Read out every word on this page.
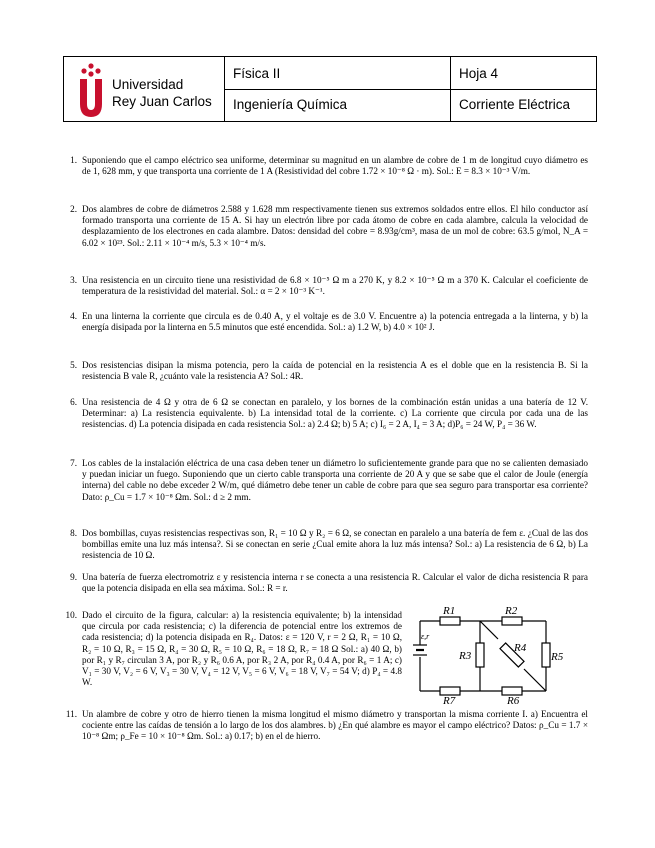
Universidad
Rey Juan Carlos
Física II
Ingeniería Química
Hoja 4
Corriente Eléctrica
1. Suponiendo que el campo eléctrico sea uniforme, determinar su magnitud en un alambre de cobre de 1 m de longitud cuyo diámetro es de 1, 628 mm, y que transporta una corriente de 1 A (Resistividad del cobre 1.72 × 10⁻⁸ Ω · m). Sol.: E = 8.3 × 10⁻³ V/m.
2. Dos alambres de cobre de diámetros 2.588 y 1.628 mm respectivamente tienen sus extremos soldados entre ellos. El hilo conductor así formado transporta una corriente de 15 A. Si hay un electrón libre por cada átomo de cobre en cada alambre, calcula la velocidad de desplazamiento de los electrones en cada alambre. Datos: densidad del cobre = 8.93g/cm³, masa de un mol de cobre: 63.5 g/mol, N_A = 6.02 × 10²³. Sol.: 2.11 × 10⁻⁴ m/s, 5.3 × 10⁻⁴ m/s.
3. Una resistencia en un circuito tiene una resistividad de 6.8 × 10⁻⁵ Ω m a 270 K, y 8.2 × 10⁻⁵ Ω m a 370 K. Calcular el coeficiente de temperatura de la resistividad del material. Sol.: α = 2 × 10⁻³ K⁻¹.
4. En una linterna la corriente que circula es de 0.40 A, y el voltaje es de 3.0 V. Encuentre a) la potencia entregada a la linterna, y b) la energía disipada por la linterna en 5.5 minutos que esté encendida. Sol.: a) 1.2 W, b) 4.0 × 10² J.
5. Dos resistencias disipan la misma potencia, pero la caída de potencial en la resistencia A es el doble que en la resistencia B. Si la resistencia B vale R, ¿cuánto vale la resistencia A? Sol.: 4R.
6. Una resistencia de 4 Ω y otra de 6 Ω se conectan en paralelo, y los bornes de la combinación están unidas a una batería de 12 V. Determinar: a) La resistencia equivalente. b) La intensidad total de la corriente. c) La corriente que circula por cada una de las resistencias. d) La potencia disipada en cada resistencia Sol.: a) 2.4 Ω; b) 5 A; c) I₆ = 2 A, I₄ = 3 A; d)P₆ = 24 W, P₄ = 36 W.
7. Los cables de la instalación eléctrica de una casa deben tener un diámetro lo suficientemente grande para que no se calienten demasiado y puedan iniciar un fuego. Suponiendo que un cierto cable transporta una corriente de 20 A y que se sabe que el calor de Joule (energía interna) del cable no debe exceder 2 W/m, qué diámetro debe tener un cable de cobre para que sea seguro para transportar esa corriente? Dato: ρ_Cu = 1.7 × 10⁻⁸ Ωm. Sol.: d ≥ 2 mm.
8. Dos bombillas, cuyas resistencias respectivas son, R₁ = 10 Ω y R₂ = 6 Ω, se conectan en paralelo a una batería de fem ε. ¿Cual de las dos bombillas emite una luz más intensa?. Si se conectan en serie ¿Cual emite ahora la luz más intensa? Sol.: a) La resistencia de 6 Ω, b) La resistencia de 10 Ω.
9. Una batería de fuerza electromotriz ε y resistencia interna r se conecta a una resistencia R. Calcular el valor de dicha resistencia R para que la potencia disipada en ella sea máxima. Sol.: R = r.
10. Dado el circuito de la figura, calcular: a) la resistencia equivalente; b) la intensidad que circula por cada resistencia; c) la diferencia de potencial entre los extremos de cada resistencia; d) la potencia disipada en R₄. Datos: ε = 120 V, r = 2 Ω, R₁ = 10 Ω, R₂ = 10 Ω, R₃ = 15 Ω, R₄ = 30 Ω, R₅ = 10 Ω, R₆ = 18 Ω, R₇ = 18 Ω Sol.: a) 40 Ω, b) por R₁ y R₇ circulan 3 A, por R₂ y R₆ 0.6 A, por R₃ 2 A, por R₄ 0.4 A, por R₆ = 1 A; c) V₁ = 30 V, V₂ = 6 V, V₃ = 30 V, V₄ = 12 V, V₅ = 6 V, V₆ = 18 V, V₇ = 54 V; d) P₄ = 4.8 W.
11. Un alambre de cobre y otro de hierro tienen la misma longitud el mismo diámetro y transportan la misma corriente I. a) Encuentra el cociente entre las caídas de tensión a lo largo de los dos alambres. b) ¿En qué alambre es mayor el campo eléctrico? Datos: ρ_Cu = 1.7 × 10⁻⁸ Ωm; ρ_Fe = 10 × 10⁻⁸ Ωm. Sol.: a) 0.17; b) en el de hierro.
R1	R2
R3
R4
R5
R6
R7
ε,r
